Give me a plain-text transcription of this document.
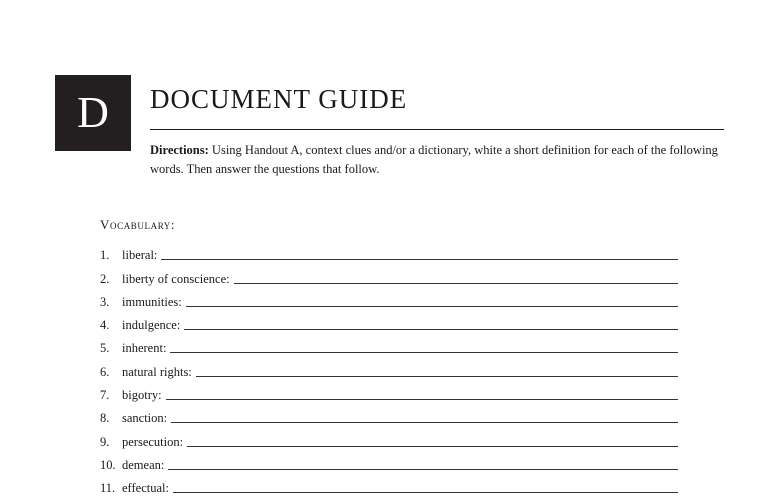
D	DOCUMENT GUIDE
Directions: Using Handout A, context clues and/or a dictionary, white a short definition for each of the following words. Then answer the questions that follow.
Vocabulary:
1.	liberal:
2.	liberty of conscience:
3.	immunities:
4.	indulgence:
5.	inherent:
6.	natural rights:
7.	bigotry:
8.	sanction:
9.	persecution:
10. demean:
11. effectual:
